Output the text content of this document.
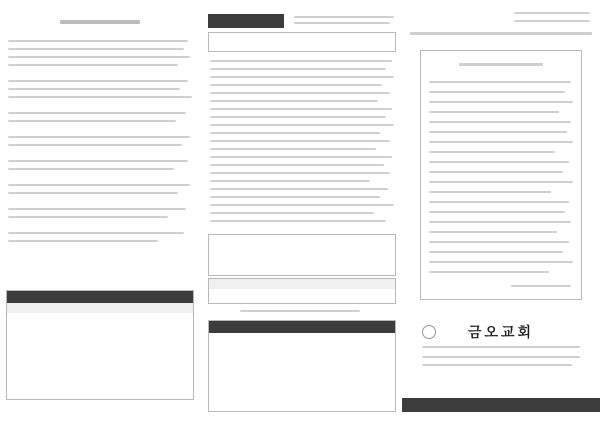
금오교회
